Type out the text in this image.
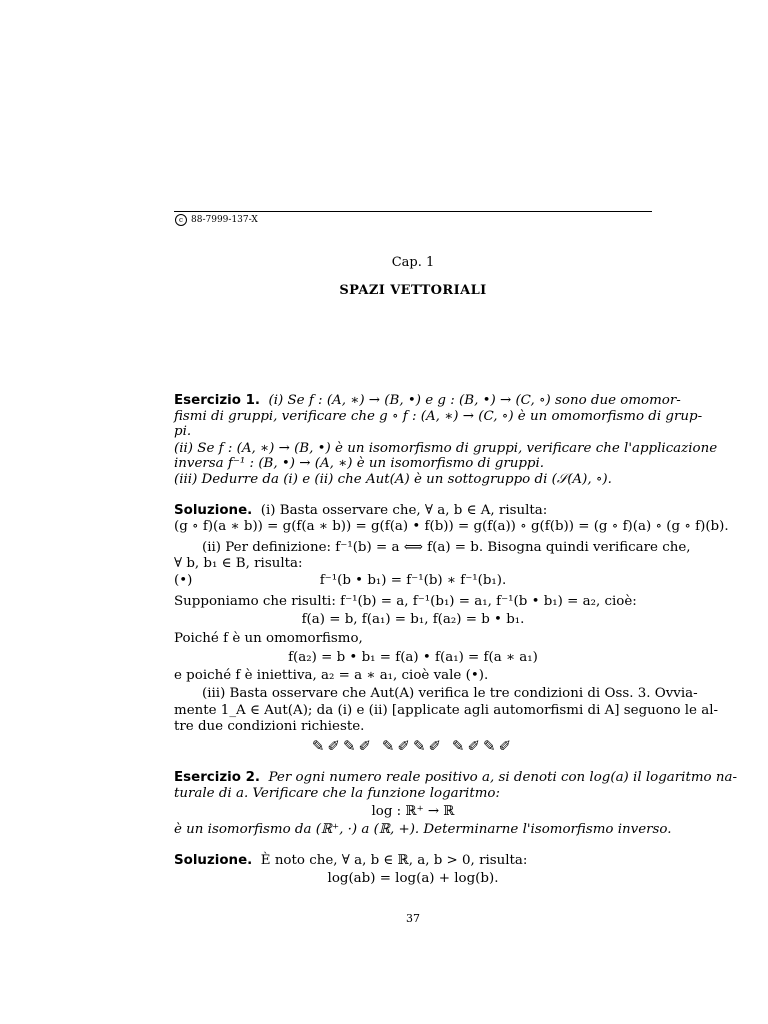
c 88-7999-137-X
Cap. 1
SPAZI VETTORIALI
Esercizio 1. (i) Se f : (A, ∗) → (B, •) e g : (B, •) → (C, ∘) sono due omomor-
fismi di gruppi, verificare che g ∘ f : (A, ∗) → (C, ∘) è un omomorfismo di grup-
pi.
(ii) Se f : (A, ∗) → (B, •) è un isomorfismo di gruppi, verificare che l'applicazione
inversa f⁻¹ : (B, •) → (A, ∗) è un isomorfismo di gruppi.
(iii) Dedurre da (i) e (ii) che Aut(A) è un sottogruppo di (𝒮(A), ∘).
Soluzione. (i) Basta osservare che, ∀ a, b ∈ A, risulta:
(g ∘ f)(a ∗ b)) = g(f(a ∗ b)) = g(f(a) • f(b)) = g(f(a)) ∘ g(f(b)) = (g ∘ f)(a) ∘ (g ∘ f)(b).
(ii) Per definizione: f⁻¹(b) = a ⟺ f(a) = b. Bisogna quindi verificare che,
∀ b, b₁ ∈ B, risulta:
(•)	f⁻¹(b • b₁) = f⁻¹(b) ∗ f⁻¹(b₁).
Supponiamo che risulti: f⁻¹(b) = a, f⁻¹(b₁) = a₁, f⁻¹(b • b₁) = a₂, cioè:
f(a) = b, f(a₁) = b₁, f(a₂) = b • b₁.
Poiché f è un omomorfismo,
f(a₂) = b • b₁ = f(a) • f(a₁) = f(a ∗ a₁)
e poiché f è iniettiva, a₂ = a ∗ a₁, cioè vale (•).
(iii) Basta osservare che Aut(A) verifica le tre condizioni di Oss. 3. Ovvia-
mente 1_A ∈ Aut(A); da (i) e (ii) [applicate agli automorfismi di A] seguono le al-
tre due condizioni richieste.
✎✐✎✐ ✎✐✎✐ ✎✐✎✐
Esercizio 2. Per ogni numero reale positivo a, si denoti con log(a) il logaritmo na-
turale di a. Verificare che la funzione logaritmo:
log : ℝ⁺ → ℝ
è un isomorfismo da (ℝ⁺, ·) a (ℝ, +). Determinarne l'isomorfismo inverso.
Soluzione. È noto che, ∀ a, b ∈ ℝ, a, b > 0, risulta:
log(ab) = log(a) + log(b).
37
